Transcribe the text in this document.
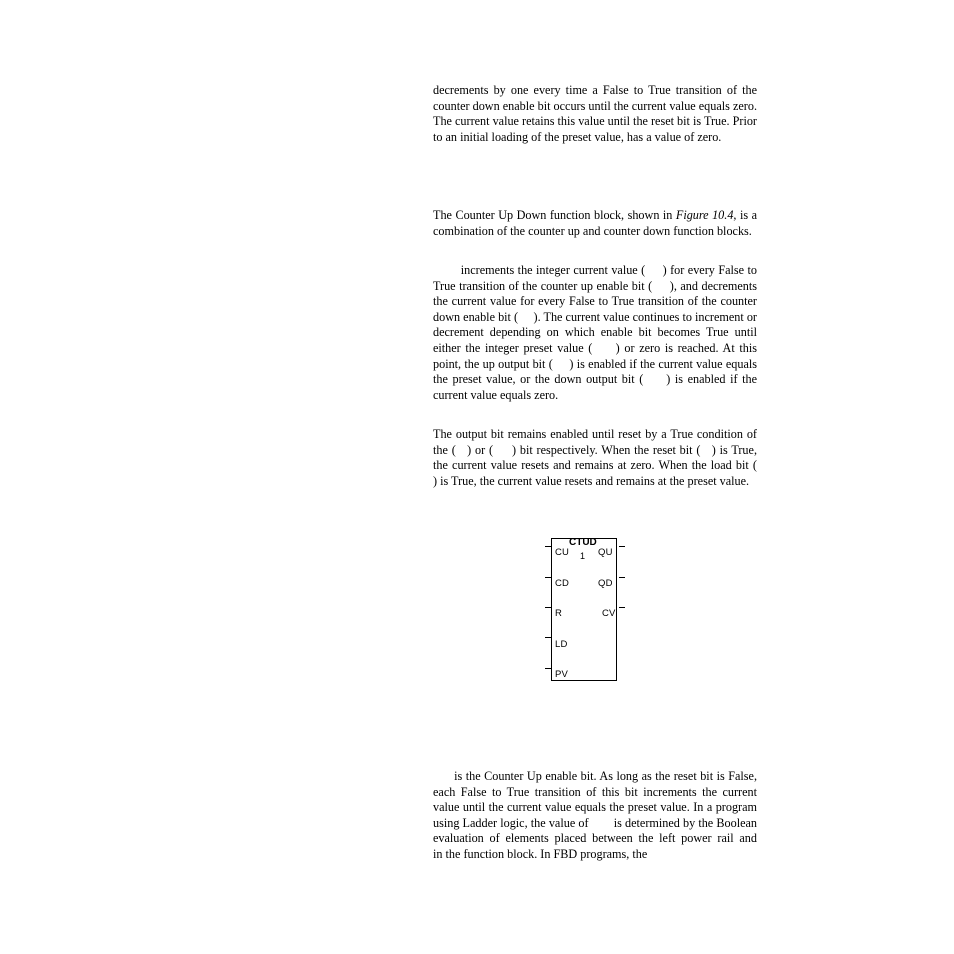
decrements by one every time a False to True transition of the counter down enable bit occurs until the current value equals zero. The current value retains this value until the reset bit is True. Prior to an initial loading of the preset value, has a value of zero.

The Counter Up Down function block, shown in Figure 10.4, is a combination of the counter up and counter down function blocks.

increments the integer current value (     ) for every False to True transition of the counter up enable bit (     ), and decrements the current value for every False to True transition of the counter down enable bit (     ). The current value continues to increment or decrement depending on which enable bit becomes True until either the integer preset value (     ) or zero is reached. At this point, the up output bit (     ) is enabled if the current value equals the preset value, or the down output bit (     ) is enabled if the current value equals zero.

The output bit remains enabled until reset by a True condition of the (   ) or (     ) bit respectively. When the reset bit (   ) is True, the current value resets and remains at zero. When the load bit (     ) is True, the current value resets and remains at the preset value.

CTUD
1
CU
CD
R
LD
PV
QU
QD
CV

is the Counter Up enable bit. As long as the reset bit is False, each False to True transition of this bit increments the current value until the current value equals the preset value. In a program using Ladder logic, the value of        is determined by the Boolean evaluation of elements placed between the left power rail and        in the function block. In FBD programs, the
